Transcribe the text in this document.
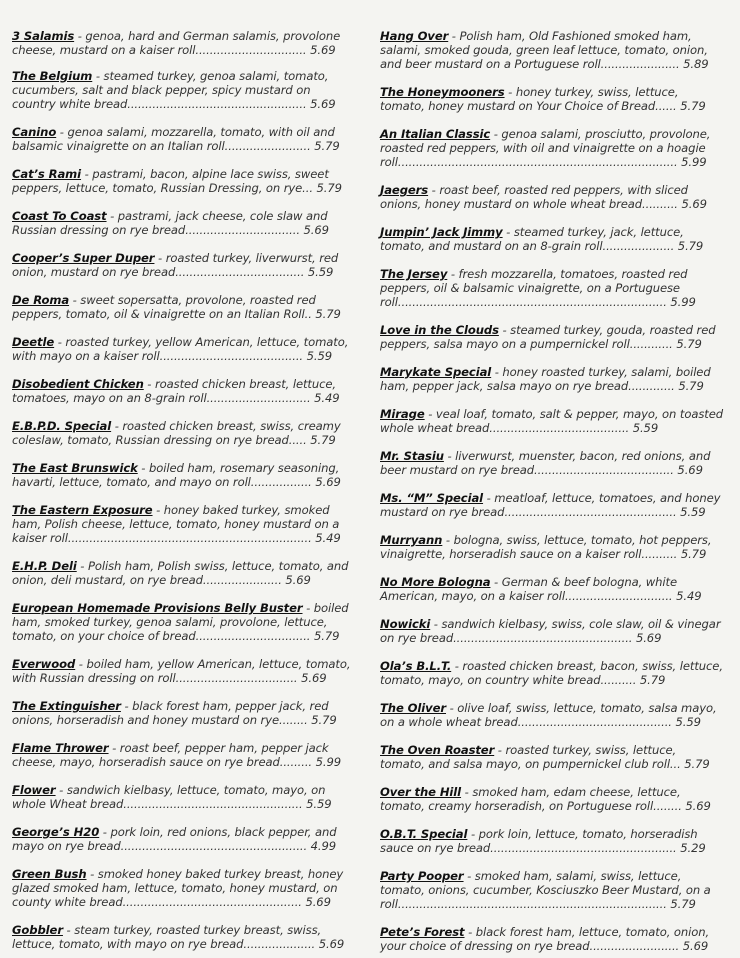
3 Salamis - genoa, hard and German salamis, provolone cheese, mustard on a kaiser roll............................... 5.69
The Belgium - steamed turkey, genoa salami, tomato, cucumbers, salt and black pepper, spicy mustard on country white bread.................................................. 5.69
Canino - genoa salami, mozzarella, tomato, with oil and balsamic vinaigrette on an Italian roll........................ 5.79
Cat’s Rami - pastrami, bacon, alpine lace swiss, sweet peppers, lettuce, tomato, Russian Dressing, on rye... 5.79
Coast To Coast - pastrami, jack cheese, cole slaw and Russian dressing on rye bread................................ 5.69
Cooper’s Super Duper - roasted turkey, liverwurst, red onion, mustard on rye bread.................................... 5.59
De Roma - sweet sopersatta, provolone, roasted red peppers, tomato, oil & vinaigrette on an Italian Roll.. 5.79
Deetle - roasted turkey, yellow American, lettuce, tomato, with mayo on a kaiser roll........................................ 5.59
Disobedient Chicken - roasted chicken breast, lettuce, tomatoes, mayo on an 8-grain roll............................. 5.49
E.B.P.D. Special - roasted chicken breast, swiss, creamy coleslaw, tomato, Russian dressing on rye bread..... 5.79
The East Brunswick - boiled ham, rosemary seasoning, havarti, lettuce, tomato, and mayo on roll................. 5.69
The Eastern Exposure - honey baked turkey, smoked ham, Polish cheese, lettuce, tomato, honey mustard on a kaiser roll.................................................................... 5.49
E.H.P. Deli - Polish ham, Polish swiss, lettuce, tomato, and onion, deli mustard, on rye bread...................... 5.69
European Homemade Provisions Belly Buster - boiled ham, smoked turkey, genoa salami, provolone, lettuce, tomato, on your choice of bread................................ 5.79
Everwood - boiled ham, yellow American, lettuce, tomato, with Russian dressing on roll.................................. 5.69
The Extinguisher - black forest ham, pepper jack, red onions, horseradish and honey mustard on rye........ 5.79
Flame Thrower - roast beef, pepper ham, pepper jack cheese, mayo, horseradish sauce on rye bread......... 5.99
Flower - sandwich kielbasy, lettuce, tomato, mayo, on whole Wheat bread.................................................. 5.59
George’s H20 - pork loin, red onions, black pepper, and mayo on rye bread.................................................... 4.99
Green Bush - smoked honey baked turkey breast, honey glazed smoked ham, lettuce, tomato, honey mustard, on county white bread.................................................. 5.69
Gobbler - steam turkey, roasted turkey breast, swiss, lettuce, tomato, with mayo on rye bread.................... 5.69
Hang Over - Polish ham, Old Fashioned smoked ham, salami, smoked gouda, green leaf lettuce, tomato, onion, and beer mustard on a Portuguese roll...................... 5.89
The Honeymooners - honey turkey, swiss, lettuce, tomato, honey mustard on Your Choice of Bread...... 5.79
An Italian Classic - genoa salami, prosciutto, provolone, roasted red peppers, with oil and vinaigrette on a hoagie roll.............................................................................. 5.99
Jaegers - roast beef, roasted red peppers, with sliced onions, honey mustard on whole wheat bread.......... 5.69
Jumpin’ Jack Jimmy - steamed turkey, jack, lettuce, tomato, and mustard on an 8-grain roll.................... 5.79
The Jersey - fresh mozzarella, tomatoes, roasted red peppers, oil & balsamic vinaigrette, on a Portuguese roll........................................................................... 5.99
Love in the Clouds - steamed turkey, gouda, roasted red peppers, salsa mayo on a pumpernickel roll............ 5.79
Marykate Special - honey roasted turkey, salami, boiled ham, pepper jack, salsa mayo on rye bread............. 5.79
Mirage - veal loaf, tomato, salt & pepper, mayo, on toasted whole wheat bread....................................... 5.59
Mr. Stasiu - liverwurst, muenster, bacon, red onions, and beer mustard on rye bread....................................... 5.69
Ms. “M” Special - meatloaf, lettuce, tomatoes, and honey mustard on rye bread................................................ 5.59
Murryann - bologna, swiss, lettuce, tomato, hot peppers, vinaigrette, horseradish sauce on a kaiser roll.......... 5.79
No More Bologna - German & beef bologna, white American, mayo, on a kaiser roll.............................. 5.49
Nowicki - sandwich kielbasy, swiss, cole slaw, oil & vinegar on rye bread.................................................. 5.69
Ola’s B.L.T. - roasted chicken breast, bacon, swiss, lettuce, tomato, mayo, on country white bread.......... 5.79
The Oliver - olive loaf, swiss, lettuce, tomato, salsa mayo, on a whole wheat bread........................................... 5.59
The Oven Roaster - roasted turkey, swiss, lettuce, tomato, and salsa mayo, on pumpernickel club roll... 5.79
Over the Hill - smoked ham, edam cheese, lettuce, tomato, creamy horseradish, on Portuguese roll........ 5.69
O.B.T. Special - pork loin, lettuce, tomato, horseradish sauce on rye bread.................................................... 5.29
Party Pooper - smoked ham, salami, swiss, lettuce, tomato, onions, cucumber, Kosciuszko Beer Mustard, on a roll........................................................................... 5.79
Pete’s Forest - black forest ham, lettuce, tomato, onion, your choice of dressing on rye bread......................... 5.69
